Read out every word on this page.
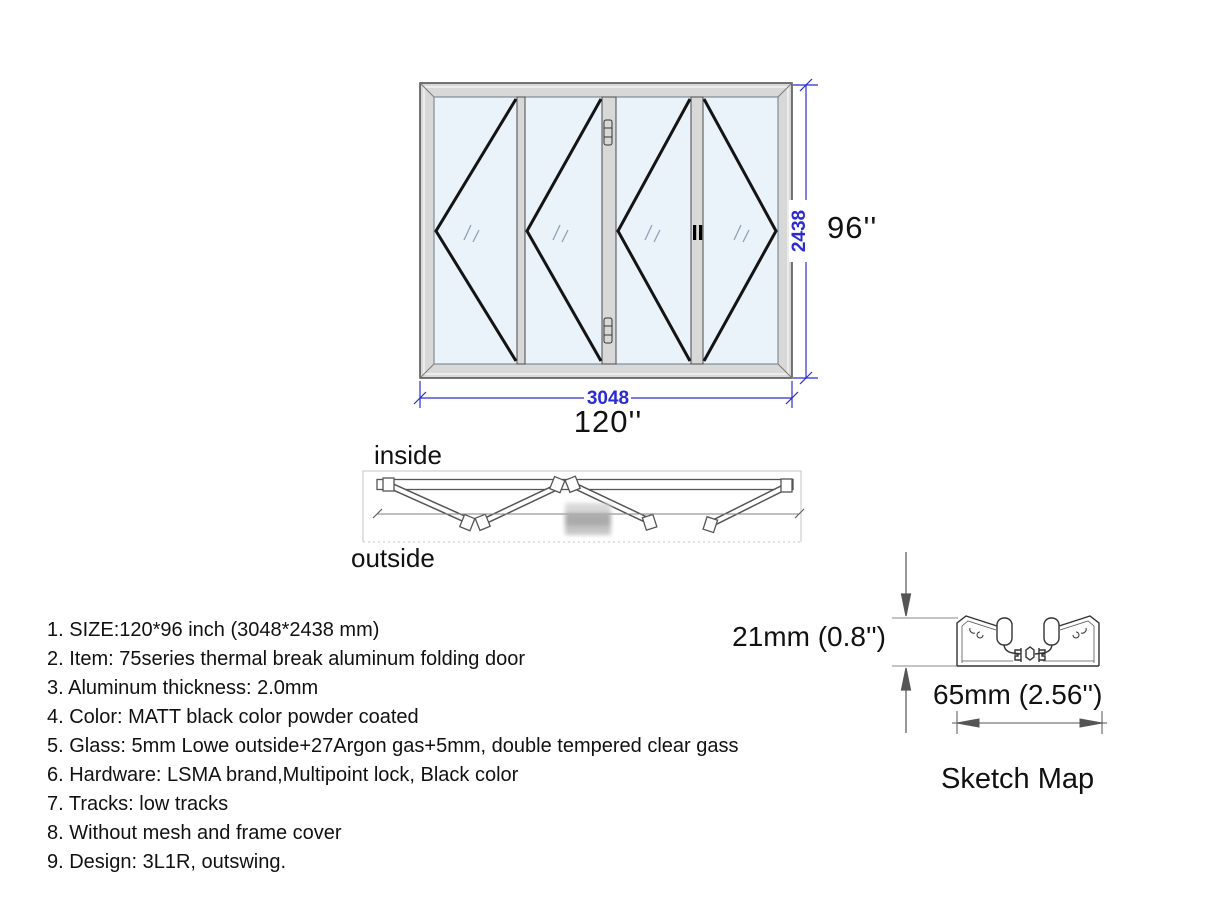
2438 96''
3048
120''
inside
outside
21mm (0.8'')
65mm (2.56'')
Sketch Map
1. SIZE:120*96 inch (3048*2438 mm)
2. Item: 75series thermal break aluminum folding door
3. Aluminum thickness: 2.0mm
4. Color: MATT black color powder coated
5. Glass: 5mm Lowe outside+27Argon gas+5mm, double tempered clear gass
6. Hardware: LSMA brand,Multipoint lock, Black color
7. Tracks: low tracks
8. Without mesh and frame cover
9. Design: 3L1R, outswing.
